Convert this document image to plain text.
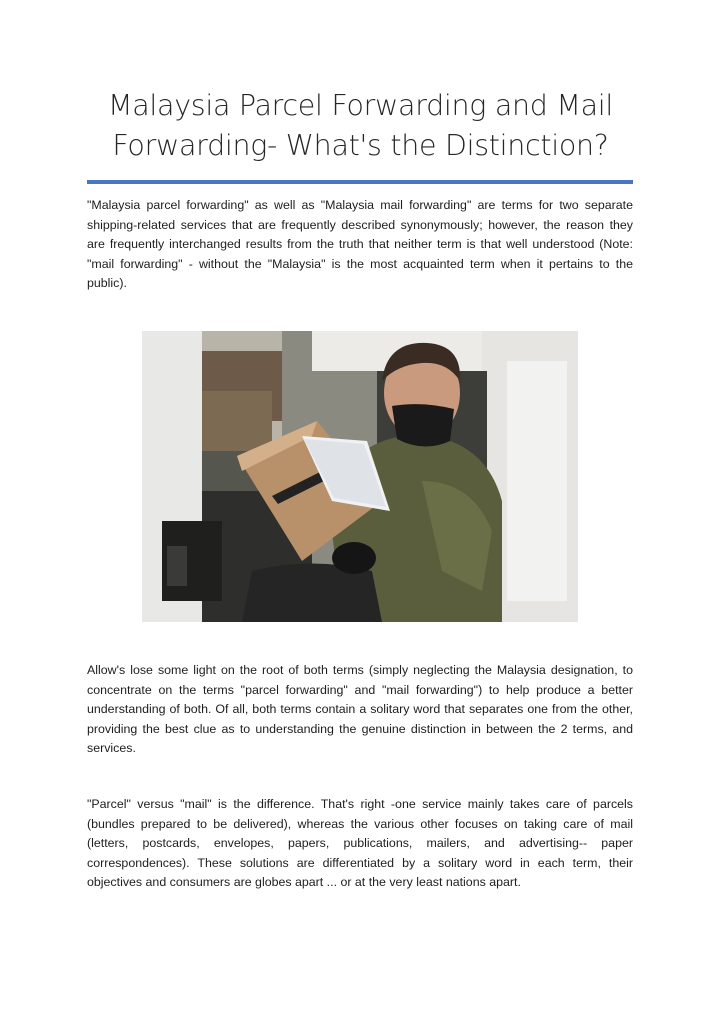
Malaysia Parcel Forwarding and Mail Forwarding- What's the Distinction?
"Malaysia parcel forwarding" as well as "Malaysia mail forwarding" are terms for two separate shipping-related services that are frequently described synonymously; however, the reason they are frequently interchanged results from the truth that neither term is that well understood (Note: "mail forwarding" - without the "Malaysia" is the most acquainted term when it pertains to the public).
Allow's lose some light on the root of both terms (simply neglecting the Malaysia designation, to concentrate on the terms "parcel forwarding" and "mail forwarding") to help produce a better understanding of both. Of all, both terms contain a solitary word that separates one from the other, providing the best clue as to understanding the genuine distinction in between the 2 terms, and services.
"Parcel" versus "mail" is the difference. That's right -one service mainly takes care of parcels (bundles prepared to be delivered), whereas the various other focuses on taking care of mail (letters, postcards, envelopes, papers, publications, mailers, and advertising-- paper correspondences). These solutions are differentiated by a solitary word in each term, their objectives and consumers are globes apart ... or at the very least nations apart.
